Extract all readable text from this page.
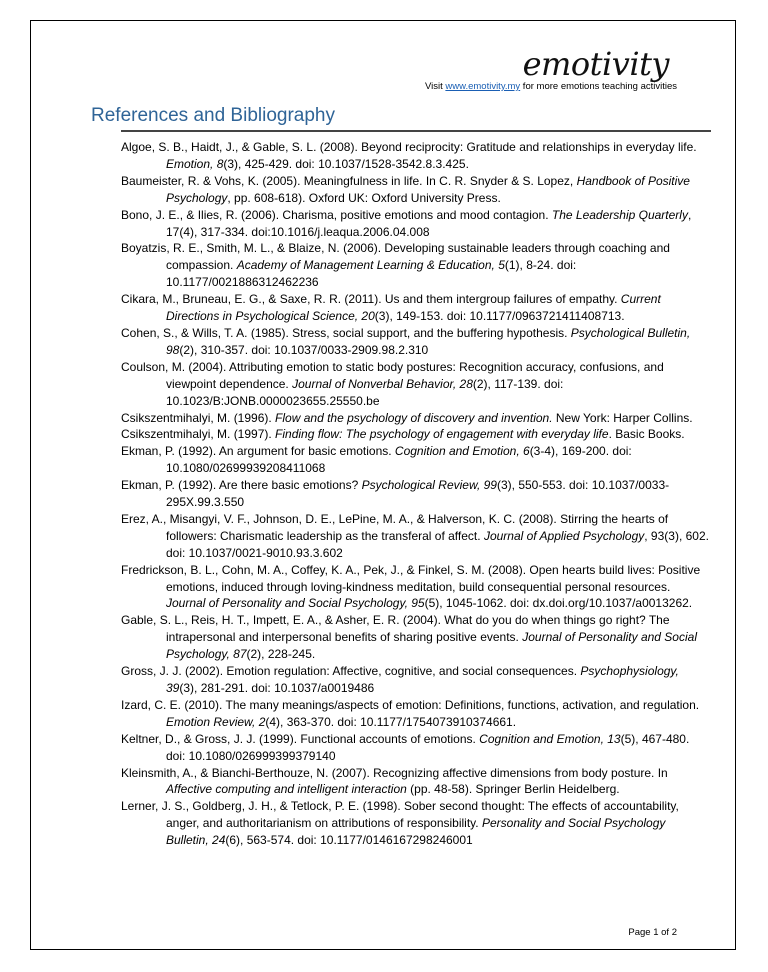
emotivity
Visit www.emotivity.my for more emotions teaching activities
References and Bibliography
Algoe, S. B., Haidt, J., & Gable, S. L. (2008). Beyond reciprocity: Gratitude and relationships in everyday life. Emotion, 8(3), 425-429. doi: 10.1037/1528-3542.8.3.425.
Baumeister, R. & Vohs, K. (2005). Meaningfulness in life. In C. R. Snyder & S. Lopez, Handbook of Positive Psychology, pp. 608-618). Oxford UK: Oxford University Press.
Bono, J. E., & Ilies, R. (2006). Charisma, positive emotions and mood contagion. The Leadership Quarterly, 17(4), 317-334. doi:10.1016/j.leaqua.2006.04.008
Boyatzis, R. E., Smith, M. L., & Blaize, N. (2006). Developing sustainable leaders through coaching and compassion. Academy of Management Learning & Education, 5(1), 8-24. doi: 10.1177/0021886312462236
Cikara, M., Bruneau, E. G., & Saxe, R. R. (2011). Us and them intergroup failures of empathy. Current Directions in Psychological Science, 20(3), 149-153. doi: 10.1177/0963721411408713.
Cohen, S., & Wills, T. A. (1985). Stress, social support, and the buffering hypothesis. Psychological Bulletin, 98(2), 310-357. doi: 10.1037/0033-2909.98.2.310
Coulson, M. (2004). Attributing emotion to static body postures: Recognition accuracy, confusions, and viewpoint dependence. Journal of Nonverbal Behavior, 28(2), 117-139. doi: 10.1023/B:JONB.0000023655.25550.be
Csikszentmihalyi, M. (1996). Flow and the psychology of discovery and invention. New York: Harper Collins.
Csikszentmihalyi, M. (1997). Finding flow: The psychology of engagement with everyday life. Basic Books.
Ekman, P. (1992). An argument for basic emotions. Cognition and Emotion, 6(3-4), 169-200. doi: 10.1080/02699939208411068
Ekman, P. (1992). Are there basic emotions? Psychological Review, 99(3), 550-553. doi: 10.1037/0033-295X.99.3.550
Erez, A., Misangyi, V. F., Johnson, D. E., LePine, M. A., & Halverson, K. C. (2008). Stirring the hearts of followers: Charismatic leadership as the transferal of affect. Journal of Applied Psychology, 93(3), 602. doi: 10.1037/0021-9010.93.3.602
Fredrickson, B. L., Cohn, M. A., Coffey, K. A., Pek, J., & Finkel, S. M. (2008). Open hearts build lives: Positive emotions, induced through loving-kindness meditation, build consequential personal resources. Journal of Personality and Social Psychology, 95(5), 1045-1062. doi: dx.doi.org/10.1037/a0013262.
Gable, S. L., Reis, H. T., Impett, E. A., & Asher, E. R. (2004). What do you do when things go right? The intrapersonal and interpersonal benefits of sharing positive events. Journal of Personality and Social Psychology, 87(2), 228-245.
Gross, J. J. (2002). Emotion regulation: Affective, cognitive, and social consequences. Psychophysiology, 39(3), 281-291. doi: 10.1037/a0019486
Izard, C. E. (2010). The many meanings/aspects of emotion: Definitions, functions, activation, and regulation. Emotion Review, 2(4), 363-370. doi: 10.1177/1754073910374661.
Keltner, D., & Gross, J. J. (1999). Functional accounts of emotions. Cognition and Emotion, 13(5), 467-480. doi: 10.1080/026999399379140
Kleinsmith, A., & Bianchi-Berthouze, N. (2007). Recognizing affective dimensions from body posture. In Affective computing and intelligent interaction (pp. 48-58). Springer Berlin Heidelberg.
Lerner, J. S., Goldberg, J. H., & Tetlock, P. E. (1998). Sober second thought: The effects of accountability, anger, and authoritarianism on attributions of responsibility. Personality and Social Psychology Bulletin, 24(6), 563-574. doi: 10.1177/0146167298246001
Page 1 of 2
